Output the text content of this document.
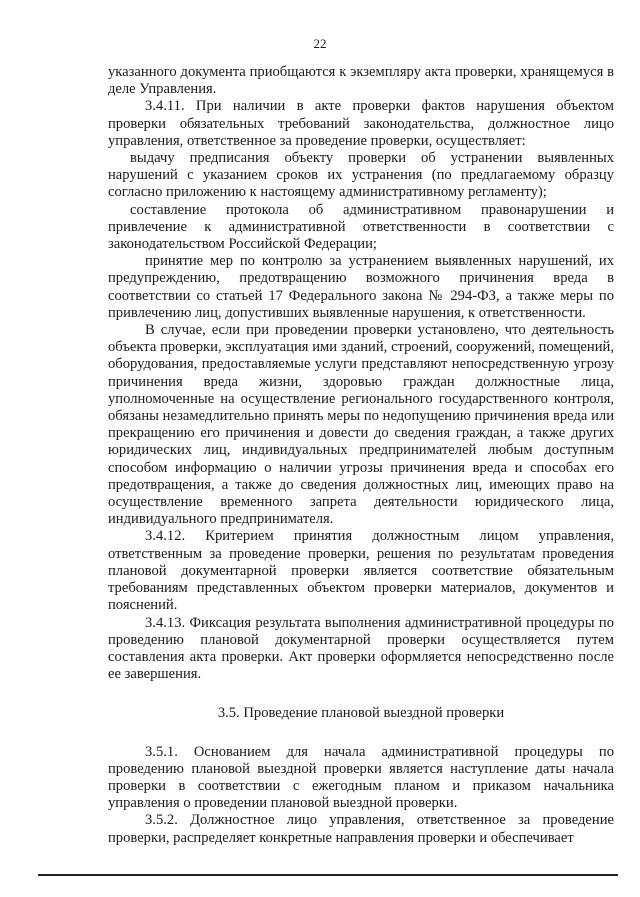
22

указанного документа приобщаются к экземпляру акта проверки, хранящемуся в деле Управления.

3.4.11. При наличии в акте проверки фактов нарушения объектом проверки обязательных требований законодательства, должностное лицо управления, ответственное за проведение проверки, осуществляет:

выдачу предписания объекту проверки об устранении выявленных нарушений с указанием сроков их устранения (по предлагаемому образцу согласно приложению к настоящему административному регламенту);

составление протокола об административном правонарушении и привлечение к административной ответственности в соответствии с законодательством Российской Федерации;

принятие мер по контролю за устранением выявленных нарушений, их предупреждению, предотвращению возможного причинения вреда в соответствии со статьей 17 Федерального закона № 294-ФЗ, а также меры по привлечению лиц, допустивших выявленные нарушения, к ответственности.

В случае, если при проведении проверки установлено, что деятельность объекта проверки, эксплуатация ими зданий, строений, сооружений, помещений, оборудования, предоставляемые услуги представляют непосредственную угрозу причинения вреда жизни, здоровью граждан должностные лица, уполномоченные на осуществление регионального государственного контроля, обязаны незамедлительно принять меры по недопущению причинения вреда или прекращению его причинения и довести до сведения граждан, а также других юридических лиц, индивидуальных предпринимателей любым доступным способом информацию о наличии угрозы причинения вреда и способах его предотвращения, а также до сведения должностных лиц, имеющих право на осуществление временного запрета деятельности юридического лица, индивидуального предпринимателя.

3.4.12. Критерием принятия должностным лицом управления, ответственным за проведение проверки, решения по результатам проведения плановой документарной проверки является соответствие обязательным требованиям представленных объектом проверки материалов, документов и пояснений.

3.4.13. Фиксация результата выполнения административной процедуры по проведению плановой документарной проверки осуществляется путем составления акта проверки. Акт проверки оформляется непосредственно после ее завершения.

3.5. Проведение плановой выездной проверки

3.5.1. Основанием для начала административной процедуры по проведению плановой выездной проверки является наступление даты начала проверки в соответствии с ежегодным планом и приказом начальника управления о проведении плановой выездной проверки.

3.5.2. Должностное лицо управления, ответственное за проведение проверки, распределяет конкретные направления проверки и обеспечивает
